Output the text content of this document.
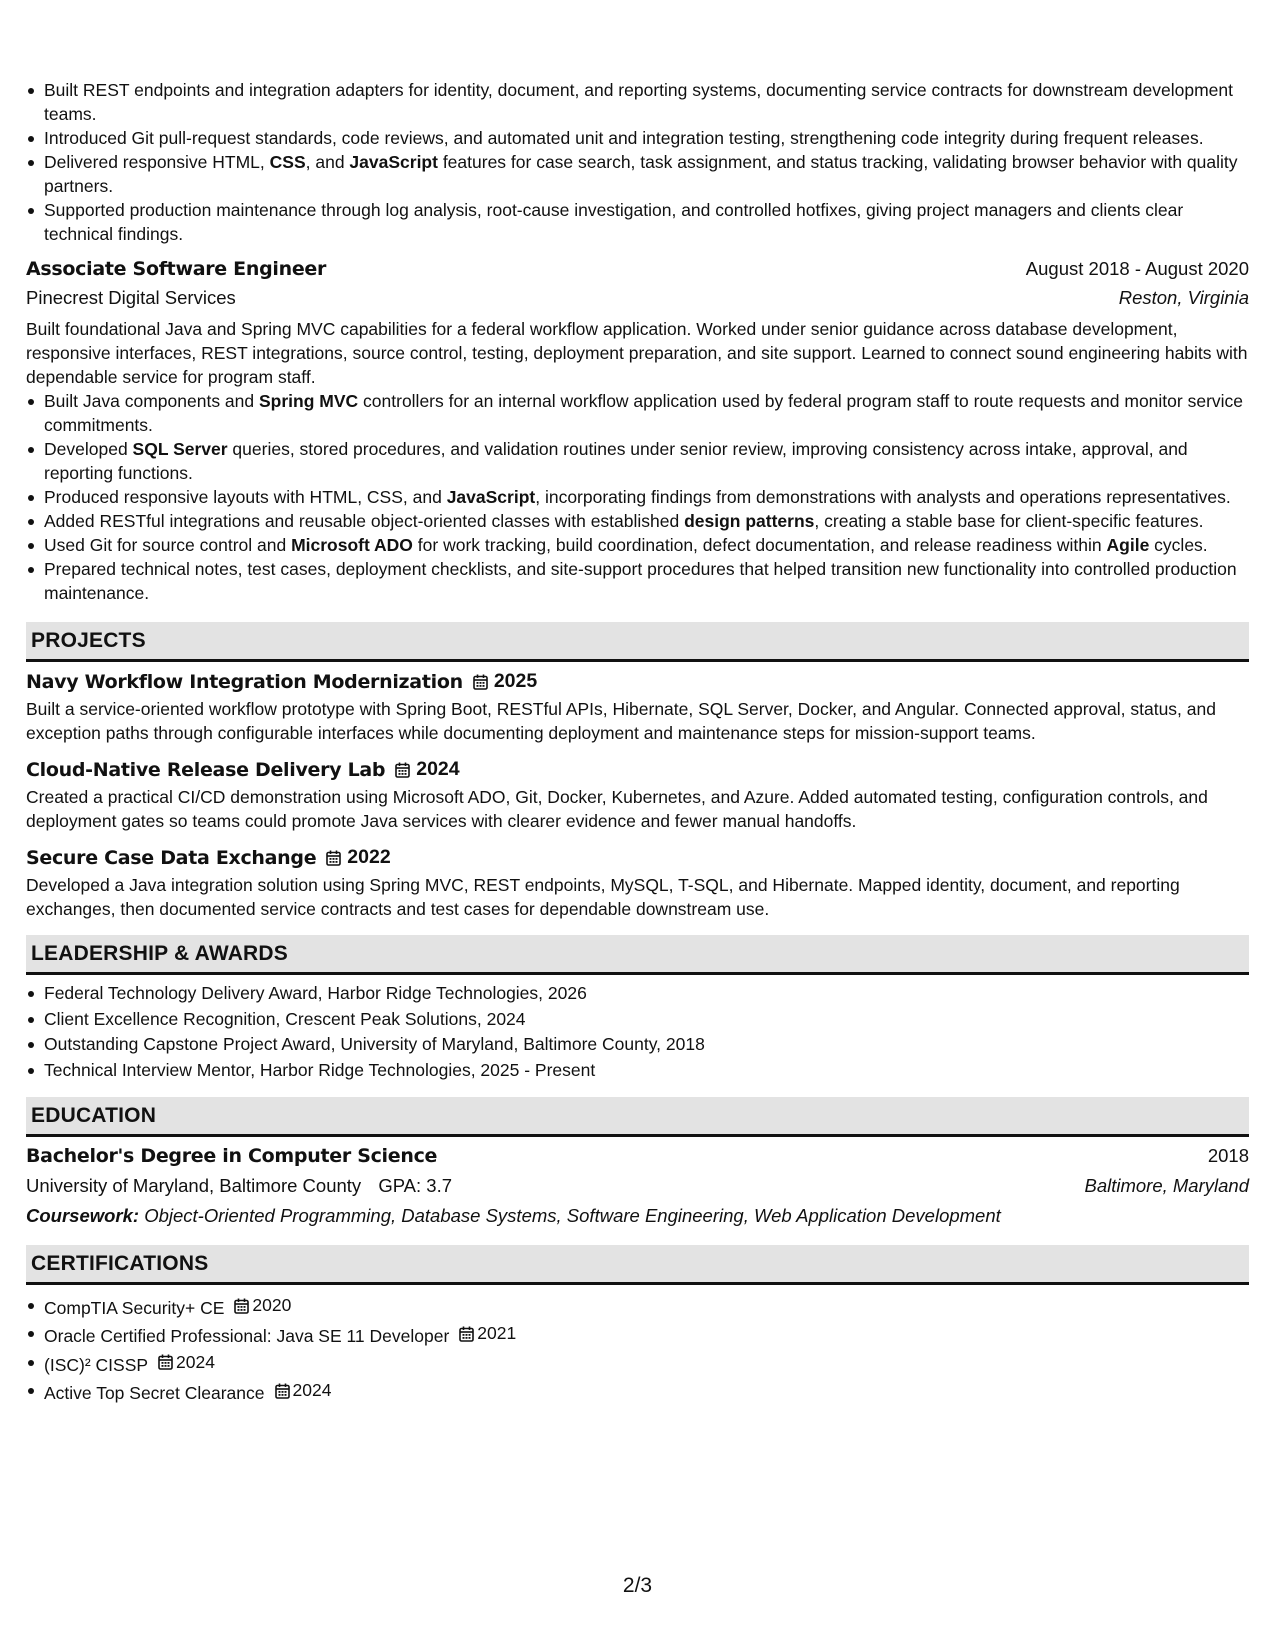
Built REST endpoints and integration adapters for identity, document, and reporting systems, documenting service contracts for downstream development teams.
Introduced Git pull-request standards, code reviews, and automated unit and integration testing, strengthening code integrity during frequent releases.
Delivered responsive HTML, CSS, and JavaScript features for case search, task assignment, and status tracking, validating browser behavior with quality partners.
Supported production maintenance through log analysis, root-cause investigation, and controlled hotfixes, giving project managers and clients clear technical findings.
Associate Software Engineer	August 2018 - August 2020
Pinecrest Digital Services	Reston, Virginia

Built foundational Java and Spring MVC capabilities for a federal workflow application. Worked under senior guidance across database development, responsive interfaces, REST integrations, source control, testing, deployment preparation, and site support. Learned to connect sound engineering habits with dependable service for program staff.

Built Java components and Spring MVC controllers for an internal workflow application used by federal program staff to route requests and monitor service commitments.
Developed SQL Server queries, stored procedures, and validation routines under senior review, improving consistency across intake, approval, and reporting functions.
Produced responsive layouts with HTML, CSS, and JavaScript, incorporating findings from demonstrations with analysts and operations representatives.
Added RESTful integrations and reusable object-oriented classes with established design patterns, creating a stable base for client-specific features.
Used Git for source control and Microsoft ADO for work tracking, build coordination, defect documentation, and release readiness within Agile cycles.
Prepared technical notes, test cases, deployment checklists, and site-support procedures that helped transition new functionality into controlled production maintenance.
PROJECTS
Navy Workflow Integration Modernization 2025

Built a service-oriented workflow prototype with Spring Boot, RESTful APIs, Hibernate, SQL Server, Docker, and Angular. Connected approval, status, and exception paths through configurable interfaces while documenting deployment and maintenance steps for mission-support teams.

Cloud-Native Release Delivery Lab 2024

Created a practical CI/CD demonstration using Microsoft ADO, Git, Docker, Kubernetes, and Azure. Added automated testing, configuration controls, and deployment gates so teams could promote Java services with clearer evidence and fewer manual handoffs.

Secure Case Data Exchange 2022

Developed a Java integration solution using Spring MVC, REST endpoints, MySQL, T-SQL, and Hibernate. Mapped identity, document, and reporting exchanges, then documented service contracts and test cases for dependable downstream use.

LEADERSHIP & AWARDS
Federal Technology Delivery Award, Harbor Ridge Technologies, 2026
Client Excellence Recognition, Crescent Peak Solutions, 2024
Outstanding Capstone Project Award, University of Maryland, Baltimore County, 2018
Technical Interview Mentor, Harbor Ridge Technologies, 2025 - Present
EDUCATION
Bachelor's Degree in Computer Science	2018
University of Maryland, Baltimore County GPA: 3.7	Baltimore, Maryland
Coursework: Object-Oriented Programming, Database Systems, Software Engineering, Web Application Development
CERTIFICATIONS
CompTIA Security+ CE 2020
Oracle Certified Professional: Java SE 11 Developer 2021
(ISC)² CISSP 2024
Active Top Secret Clearance 2024
2/3
